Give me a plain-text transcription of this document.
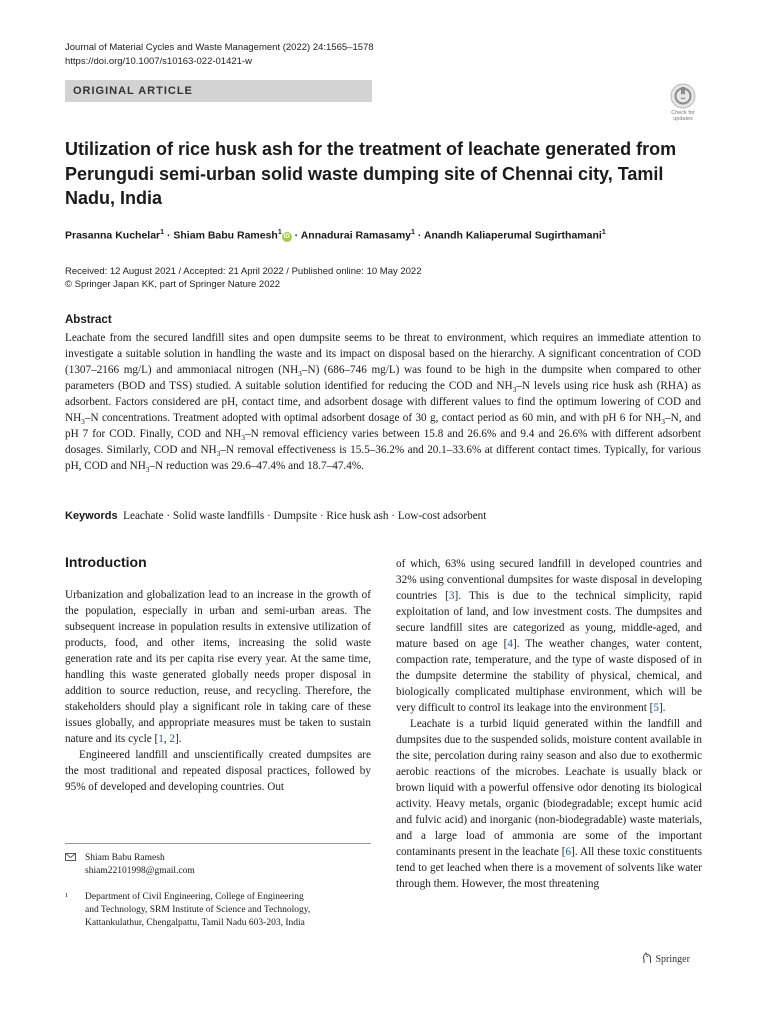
Journal of Material Cycles and Waste Management (2022) 24:1565–1578
https://doi.org/10.1007/s10163-022-01421-w
ORIGINAL ARTICLE
Check for
updates
Utilization of rice husk ash for the treatment of leachate generated from Perungudi semi-urban solid waste dumping site of Chennai city, Tamil Nadu, India
Prasanna Kuchelar$^1$ · Shiam Babu Ramesh$^1$iD · Annadurai Ramasamy$^1$ · Anandh Kaliaperumal Sugirthamani$^1$
Received: 12 August 2021 / Accepted: 21 April 2022 / Published online: 10 May 2022
© Springer Japan KK, part of Springer Nature 2022
Abstract
Leachate from the secured landfill sites and open dumpsite seems to be threat to environment, which requires an immediate attention to investigate a suitable solution in handling the waste and its impact on disposal based on the hierarchy. A significant concentration of COD (1307–2166 mg/L) and ammoniacal nitrogen $(NH_3-N)$ (686–746 mg/L) was found to be high in the dumpsite when compared to other parameters (BOD and TSS) studied. A suitable solution identified for reducing the COD and $NH_3-N$ levels using rice husk ash (RHA) as adsorbent. Factors considered are pH, contact time, and adsorbent dosage with different values to find the optimum lowering of COD and $NH_3-N$ concentrations. Treatment adopted with optimal adsorbent dosage of 30 g, contact period as 60 min, and with pH 6 for $NH_3-N$, and pH 7 for COD. Finally, COD and $NH_3-N$ removal efficiency varies between 15.8 and 26.6% and 9.4 and 26.6% with different adsorbent dosages. Similarly, COD and $NH_3-N$ removal effectiveness is 15.5–36.2% and 20.1–33.6% at different contact times. Typically, for various pH, COD and $NH_3-N$ reduction was 29.6–47.4% and 18.7–47.4%.
Keywords Leachate · Solid waste landfills · Dumpsite · Rice husk ash · Low-cost adsorbent
Introduction

Urbanization and globalization lead to an increase in the growth of the population, especially in urban and semi-urban areas. The subsequent increase in population results in extensive utilization of products, food, and other items, increasing the solid waste generation rate and its per capita rise every year. At the same time, handling this waste generated globally needs proper disposal in addition to source reduction, reuse, and recycling. Therefore, the stakeholders should play a significant role in taking care of these issues globally, and appropriate measures must be taken to sustain nature and its cycle [1, 2].

Engineered landfill and unscientifically created dumpsites are the most traditional and repeated disposal practices, followed by 95% of developed and developing countries. Out

of which, 63% using secured landfill in developed countries and 32% using conventional dumpsites for waste disposal in developing countries [3]. This is due to the technical simplicity, rapid exploitation of land, and low investment costs. The dumpsites and secure landfill sites are categorized as young, middle-aged, and mature based on age [4]. The weather changes, water content, compaction rate, temperature, and the type of waste disposed of in the dumpsite determine the stability of physical, chemical, and biologically complicated multiphase environment, which will be very difficult to control its leakage into the environment [5].

Leachate is a turbid liquid generated within the landfill and dumpsites due to the suspended solids, moisture content available in the site, percolation during rainy season and also due to exothermic aerobic reactions of the microbes. Leachate is usually black or brown liquid with a powerful offensive odor denoting its biological activity. Heavy metals, organic (biodegradable; except humic acid and fulvic acid) and inorganic (non-biodegradable) waste materials, and a large load of ammonia are some of the important contaminants present in the leachate [6]. All these toxic constituents tend to get leached when there is a movement of solvents like water through them. However, the most threatening

Shiam Babu Ramesh
shiam22101998@gmail.com
1 Department of Civil Engineering, College of Engineering
and Technology, SRM Institute of Science and Technology,
Kattankulathur, Chengalpattu, Tamil Nadu 603-203, India
Springer
